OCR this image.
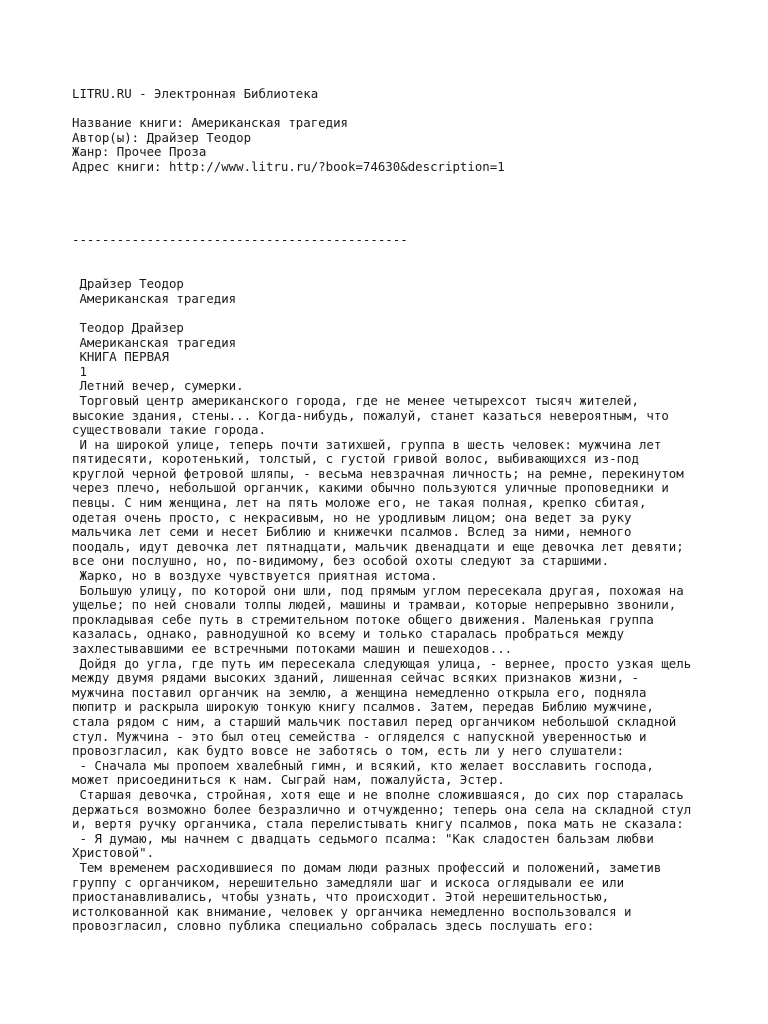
LITRU.RU - Электронная Библиотека
Название книги: Американская трагедия
Автор(ы): Драйзер Теодор
Жанр: Прочее Проза
Адрес книги: http://www.litru.ru/?book=74630&description=1
---------------------------------------------
Драйзер Теодор
Американская трагедия
Теодор Драйзер
Американская трагедия
КНИГА ПЕРВАЯ
1
Летний вечер, сумерки.
Торговый центр американского города, где не менее четырехсот тысяч жителей,
высокие здания, стены... Когда-нибудь, пожалуй, станет казаться невероятным, что
существовали такие города.
И на широкой улице, теперь почти затихшей, группа в шесть человек: мужчина лет
пятидесяти, коротенький, толстый, с густой гривой волос, выбивающихся из-под
круглой черной фетровой шляпы, - весьма невзрачная личность; на ремне, перекинутом
через плечо, небольшой органчик, какими обычно пользуются уличные проповедники и
певцы. С ним женщина, лет на пять моложе его, не такая полная, крепко сбитая,
одетая очень просто, с некрасивым, но не уродливым лицом; она ведет за руку
мальчика лет семи и несет Библию и книжечки псалмов. Вслед за ними, немного
поодаль, идут девочка лет пятнадцати, мальчик двенадцати и еще девочка лет девяти;
все они послушно, но, по-видимому, без особой охоты следуют за старшими.
Жарко, но в воздухе чувствуется приятная истома.
Большую улицу, по которой они шли, под прямым углом пересекала другая, похожая на
ущелье; по ней сновали толпы людей, машины и трамваи, которые непрерывно звонили,
прокладывая себе путь в стремительном потоке общего движения. Маленькая группа
казалась, однако, равнодушной ко всему и только старалась пробраться между
захлестывавшими ее встречными потоками машин и пешеходов...
Дойдя до угла, где путь им пересекала следующая улица, - вернее, просто узкая щель
между двумя рядами высоких зданий, лишенная сейчас всяких признаков жизни, -
мужчина поставил органчик на землю, а женщина немедленно открыла его, подняла
пюпитр и раскрыла широкую тонкую книгу псалмов. Затем, передав Библию мужчине,
стала рядом с ним, а старший мальчик поставил перед органчиком небольшой складной
стул. Мужчина - это был отец семейства - огляделся с напускной уверенностью и
провозгласил, как будто вовсе не заботясь о том, есть ли у него слушатели:
- Сначала мы пропоем хвалебный гимн, и всякий, кто желает восславить господа,
может присоединиться к нам. Сыграй нам, пожалуйста, Эстер.
Старшая девочка, стройная, хотя еще и не вполне сложившаяся, до сих пор старалась
держаться возможно более безразлично и отчужденно; теперь она села на складной стул
и, вертя ручку органчика, стала перелистывать книгу псалмов, пока мать не сказала:
- Я думаю, мы начнем с двадцать седьмого псалма: "Как сладостен бальзам любви
Христовой".
Тем временем расходившиеся по домам люди разных профессий и положений, заметив
группу с органчиком, нерешительно замедляли шаг и искоса оглядывали ее или
приостанавливались, чтобы узнать, что происходит. Этой нерешительностью,
истолкованной как внимание, человек у органчика немедленно воспользовался и
провозгласил, словно публика специально собралась здесь послушать его:
